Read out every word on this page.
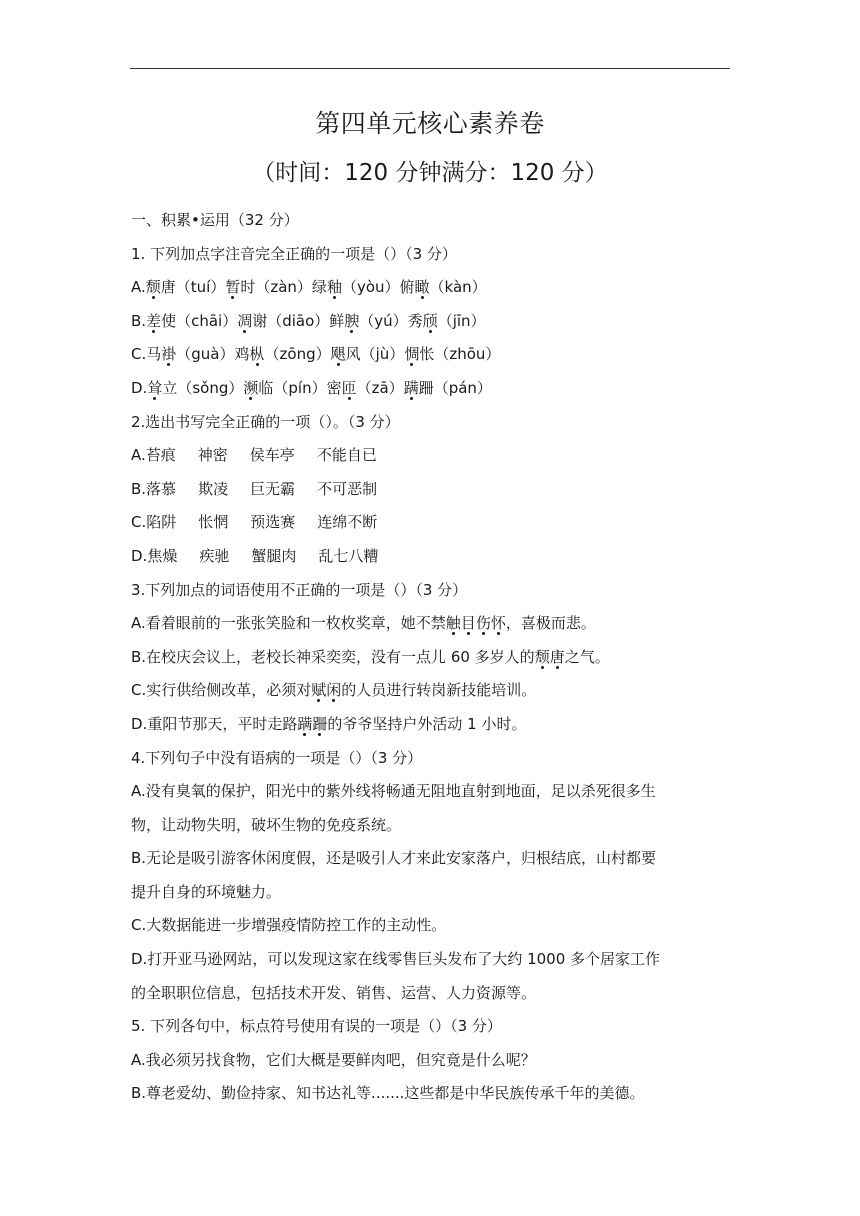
第四单元核心素养卷
（时间：120 分钟满分：120 分）
一、积累•运用（32 分）
1. 下列加点字注音完全正确的一项是（）（3 分）
A.颓唐（tuí）暂时（zàn）绿釉（yòu）俯瞰（kàn）
B.差使（chāi）凋谢（diāo）鲜腴（yú）秀颀（jīn）
C.马褂（guà）鸡枞（zōng）飓风（jù）惆怅（zhōu）
D.耸立（sǒng）濒临（pín）密匝（zā）蹒跚（pán）
2.选出书写完全正确的一项（）。（3 分）
A.苔痕 神密 侯车亭 不能自已
B.落慕 欺凌 巨无霸 不可恶制
C.陷阱 怅惘 预选赛 连绵不断
D.焦燥 疾驰 蟹腿肉 乱七八糟
3.下列加点的词语使用不正确的一项是（）（3 分）
A.看着眼前的一张张笑脸和一枚枚奖章，她不禁触目伤怀，喜极而悲。
B.在校庆会议上，老校长神采奕奕，没有一点儿 60 多岁人的颓唐之气。
C.实行供给侧改革，必须对赋闲的人员进行转岗新技能培训。
D.重阳节那天，平时走路蹒跚的爷爷坚持户外活动 1 小时。
4.下列句子中没有语病的一项是（）（3 分）
A.没有臭氧的保护，阳光中的紫外线将畅通无阻地直射到地面，足以杀死很多生
物，让动物失明，破坏生物的免疫系统。
B.无论是吸引游客休闲度假，还是吸引人才来此安家落户，归根结底，山村都要
提升自身的环境魅力。
C.大数据能进一步增强疫情防控工作的主动性。
D.打开亚马逊网站，可以发现这家在线零售巨头发布了大约 1000 多个居家工作
的全职职位信息，包括技术开发、销售、运营、人力资源等。
5. 下列各句中，标点符号使用有误的一项是（）（3 分）
A.我必须另找食物，它们大概是要鲜肉吧，但究竟是什么呢？
B.尊老爱幼、勤俭持家、知书达礼等.......这些都是中华民族传承千年的美德。
